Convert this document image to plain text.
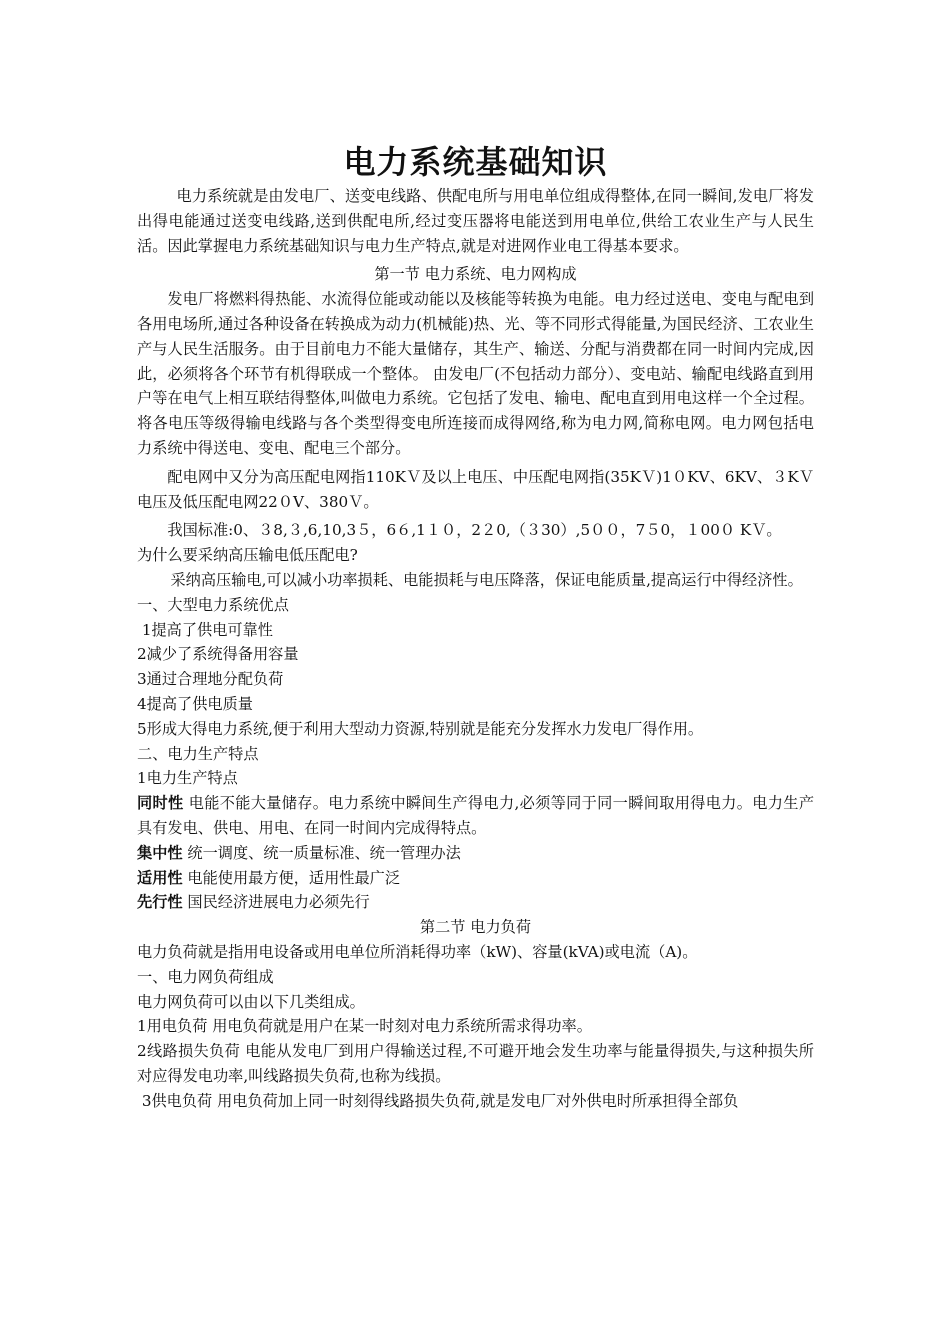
电力系统基础知识

电力系统就是由发电厂、送变电线路、供配电所与用电单位组成得整体,在同一瞬间,发电厂将发出得电能通过送变电线路,送到供配电所,经过变压器将电能送到用电单位,供给工农业生产与人民生活。因此掌握电力系统基础知识与电力生产特点,就是对进网作业电工得基本要求。

第一节 电力系统、电力网构成

发电厂将燃料得热能、水流得位能或动能以及核能等转换为电能。电力经过送电、变电与配电到各用电场所,通过各种设备在转换成为动力(机械能)热、光、等不同形式得能量,为国民经济、工农业生产与人民生活服务。由于目前电力不能大量储存，其生产、输送、分配与消费都在同一时间内完成,因此，必须将各个环节有机得联成一个整体。 由发电厂(不包括动力部分）、变电站、输配电线路直到用户等在电气上相互联结得整体,叫做电力系统。它包括了发电、输电、配电直到用电这样一个全过程。将各电压等级得输电线路与各个类型得变电所连接而成得网络,称为电力网,简称电网。电力网包括电力系统中得送电、变电、配电三个部分。

配电网中又分为高压配电网指110KＶ及以上电压、中压配电网指(35KＶ)1０KV、6KV、３KＶ电压及低压配电网22０V、380Ｖ。

我国标准:0、３8,３,6,10,3５，6６,1１０，2２0,（３30）,5００，7５0，１00０ KＶ。

为什么要采纳高压输电低压配电?

采纳高压输电,可以减小功率损耗、电能损耗与电压降落，保证电能质量,提高运行中得经济性。

一、大型电力系统优点

1提高了供电可靠性

2减少了系统得备用容量

3通过合理地分配负荷

4提高了供电质量

5形成大得电力系统,便于利用大型动力资源,特别就是能充分发挥水力发电厂得作用。

二、电力生产特点

1电力生产特点

同时性 电能不能大量储存。电力系统中瞬间生产得电力,必须等同于同一瞬间取用得电力。电力生产具有发电、供电、用电、在同一时间内完成得特点。

集中性 统一调度、统一质量标准、统一管理办法

适用性 电能使用最方便，适用性最广泛

先行性 国民经济进展电力必须先行

第二节 电力负荷

电力负荷就是指用电设备或用电单位所消耗得功率（kW)、容量(kVA)或电流（A)。

一、电力网负荷组成

电力网负荷可以由以下几类组成。

1用电负荷 用电负荷就是用户在某一时刻对电力系统所需求得功率。

2线路损失负荷 电能从发电厂到用户得输送过程,不可避开地会发生功率与能量得损失,与这种损失所对应得发电功率,叫线路损失负荷,也称为线损。

3供电负荷 用电负荷加上同一时刻得线路损失负荷,就是发电厂对外供电时所承担得全部负
